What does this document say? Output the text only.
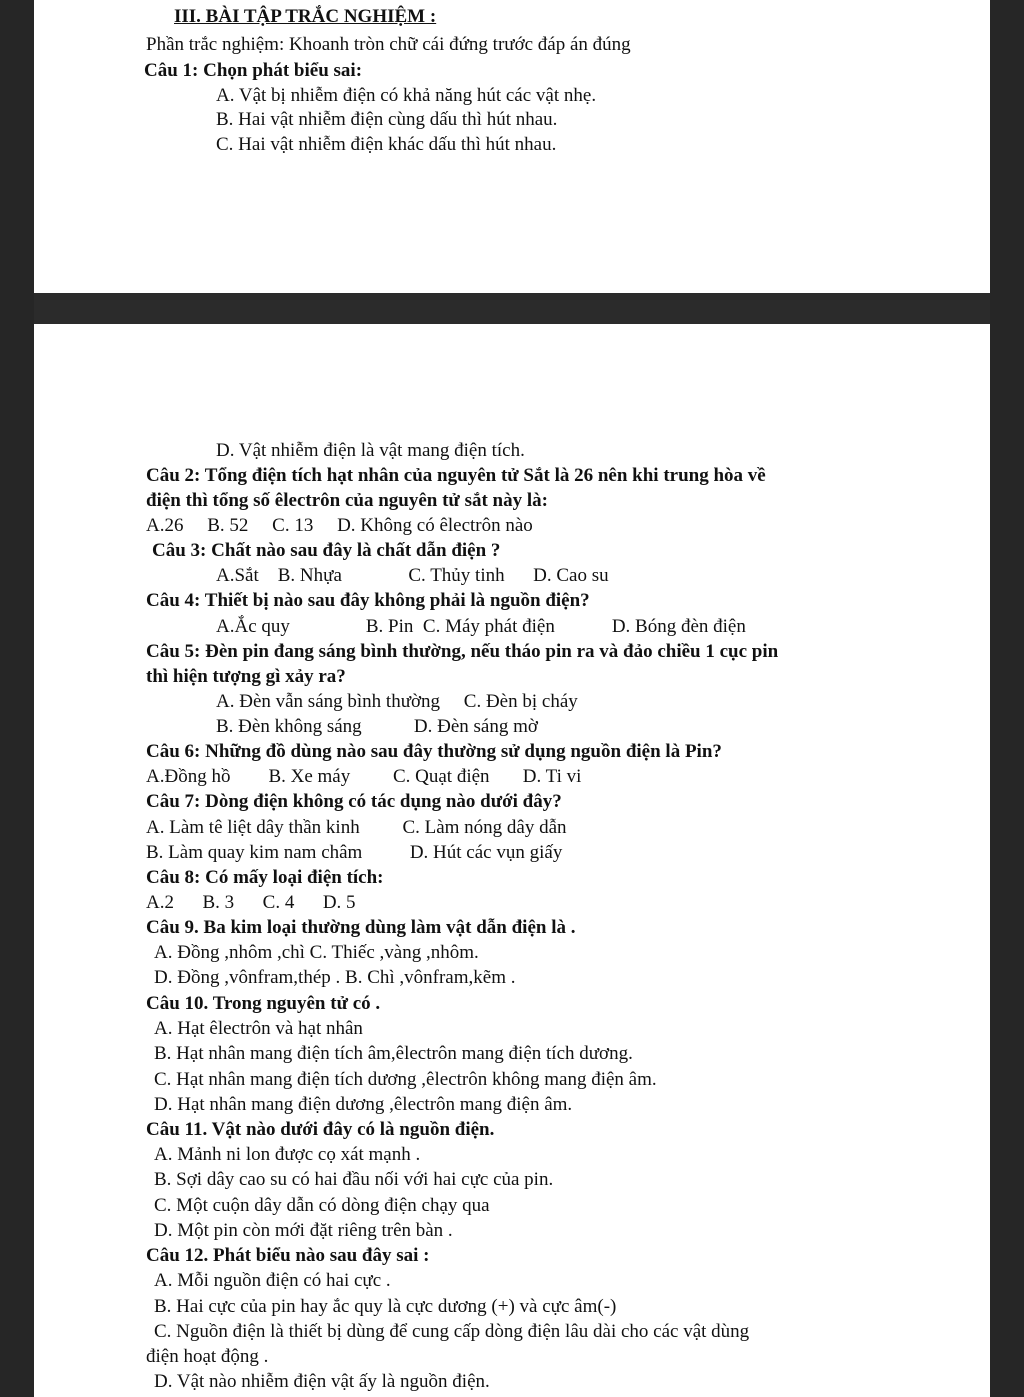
III. BÀI TẬP TRẮC NGHIỆM :
Phần trắc nghiệm: Khoanh tròn chữ cái đứng trước đáp án đúng
Câu 1: Chọn phát biểu sai:
A. Vật bị nhiễm điện có khả năng hút các vật nhẹ.
B. Hai vật nhiễm điện cùng dấu thì hút nhau.
C. Hai vật nhiễm điện khác dấu thì hút nhau.
D. Vật nhiễm điện là vật mang điện tích.
Câu 2: Tổng điện tích hạt nhân của nguyên tử Sắt là 26 nên khi trung hòa về
điện thì tổng số êlectrôn của nguyên tử sắt này là:
A.26     B. 52     C. 13     D. Không có êlectrôn nào
Câu 3: Chất nào sau đây là chất dẫn điện ?
A.Sắt    B. Nhựa              C. Thủy tinh      D. Cao su
Câu 4: Thiết bị nào sau đây không phải là nguồn điện?
A.Ắc quy                B. Pin  C. Máy phát điện            D. Bóng đèn điện
Câu 5: Đèn pin đang sáng bình thường, nếu tháo pin ra và đảo chiều 1 cục pin
thì hiện tượng gì xảy ra?
A. Đèn vẫn sáng bình thường     C. Đèn bị cháy
B. Đèn không sáng           D. Đèn sáng mờ
Câu 6: Những đồ dùng nào sau đây thường sử dụng nguồn điện là Pin?
A.Đồng hồ        B. Xe máy         C. Quạt điện       D. Ti vi
Câu 7: Dòng điện không có tác dụng nào dưới đây?
A. Làm tê liệt dây thần kinh         C. Làm nóng dây dẫn
B. Làm quay kim nam châm          D. Hút các vụn giấy
Câu 8: Có mấy loại điện tích:
A.2      B. 3      C. 4      D. 5
Câu 9. Ba kim loại thường dùng làm vật dẫn điện là .
A. Đồng ,nhôm ,chì C. Thiếc ,vàng ,nhôm.
D. Đồng ,vônfram,thép . B. Chì ,vônfram,kẽm .
Câu 10. Trong nguyên tử có .
A. Hạt êlectrôn và hạt nhân
B. Hạt nhân mang điện tích âm,êlectrôn mang điện tích dương.
C. Hạt nhân mang điện tích dương ,êlectrôn không mang điện âm.
D. Hạt nhân mang điện dương ,êlectrôn mang điện âm.
Câu 11. Vật nào dưới đây có là nguồn điện.
A. Mảnh ni lon được cọ xát mạnh .
B. Sợi dây cao su có hai đầu nối với hai cực của pin.
C. Một cuộn dây dẫn có dòng điện chạy qua
D. Một pin còn mới đặt riêng trên bàn .
Câu 12. Phát biểu nào sau đây sai :
A. Mỗi nguồn điện có hai cực .
B. Hai cực của pin hay ắc quy là cực dương (+) và cực âm(-)
C. Nguồn điện là thiết bị dùng để cung cấp dòng điện lâu dài cho các vật dùng
điện hoạt động .
D. Vật nào nhiễm điện vật ấy là nguồn điện.
